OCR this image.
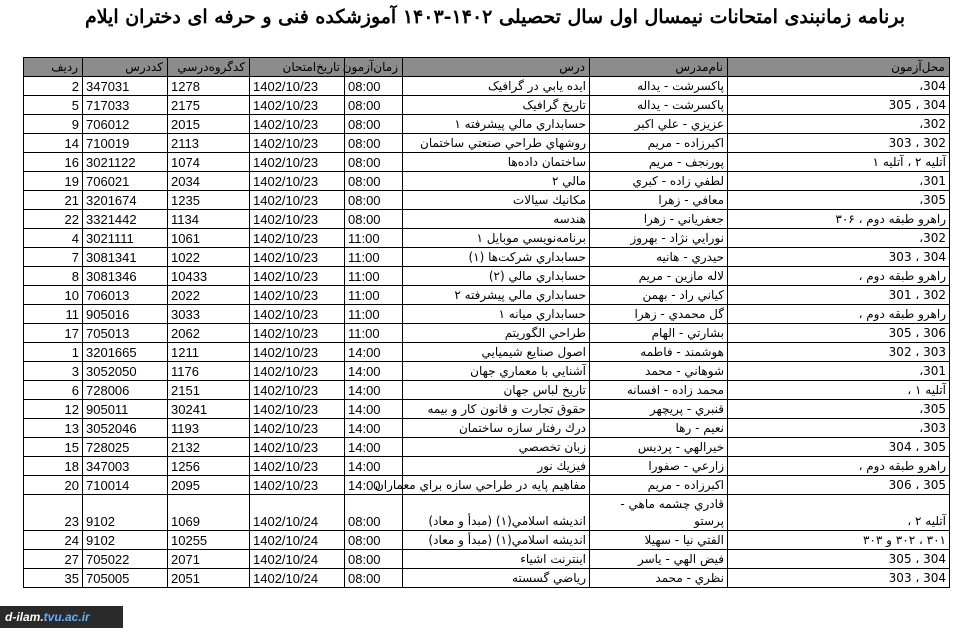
برنامه زمانبندی امتحانات نیمسال اول سال تحصیلی ۱۴۰۲-۱۴۰۳ آموزشکده فنی و حرفه ای دختران ایلام
رديف	كددرس	كدگروه‌درسي	تاريخ‌امتحان	زمان‌آزمون	درس	نام‌مدرس	محل‌آزمون
2	347031	1278	1402/10/23	08:00	ايده يابي در گرافيک	پاکسرشت - يداله	304،
5	717033	2175	1402/10/23	08:00	تاريخ گرافيک	پاکسرشت - يداله	304 ، 305
9	706012	2015	1402/10/23	08:00	حسابداري مالي پيشرفته ۱	عزيزي - علي اكبر	302،
14	710019	2113	1402/10/23	08:00	روشهاي طراحي صنعتي ساختمان	اكبرزاده - مريم	302 ، 303
16	3021122	1074	1402/10/23	08:00	ساختمان داده‌ها	پورنجف - مريم	آتليه ۲ ، آتليه ۱
19	706021	2034	1402/10/23	08:00	مالي ۲	لطفي زاده - كبري	301،
21	3201674	1235	1402/10/23	08:00	مكانيك سيالات	معافي - زهرا	305،
22	3321442	1134	1402/10/23	08:00	هندسه	جعفرياني - زهرا	راهرو طبقه دوم ، ۳۰۶
4	3021111	1061	1402/10/23	11:00	برنامه‌نويسي موبايل ۱	نورايي نژاد - بهروز	302،
7	3081341	1022	1402/10/23	11:00	حسابداري شركت‌ها (۱)	حيدري - هانيه	304 ، 303
8	3081346	10433	1402/10/23	11:00	حسابداري مالي (۲)	لاله مازين - مريم	راهرو طبقه دوم ،
10	706013	2022	1402/10/23	11:00	حسابداري مالي پيشرفته ۲	كياني راد - بهمن	302 ، 301
11	905016	3033	1402/10/23	11:00	حسابداري ميانه ۱	گل محمدي - زهرا	راهرو طبقه دوم ،
17	705013	2062	1402/10/23	11:00	طراحي الگوريتم	بشارتي - الهام	306 ، 305
1	3201665	1211	1402/10/23	14:00	اصول صنايع شيميايي	هوشمند - فاطمه	303 ، 302
3	3052050	1176	1402/10/23	14:00	آشنايي با معماري جهان	شوهاني - محمد	301،
6	728006	2151	1402/10/23	14:00	تاريخ لباس جهان	محمد زاده - افسانه	آتليه ۱ ،
12	905011	30241	1402/10/23	14:00	حقوق تجارت و قانون كار و بيمه	قنبري - پريچهر	305،
13	3052046	1193	1402/10/23	14:00	درك رفتار سازه ساختمان	نعيم - رها	303،
15	728025	2132	1402/10/23	14:00	زبان تخصصي	خيرالهي - پرديس	305 ، 304
18	347003	1256	1402/10/23	14:00	فيزيك نور	زارعي - صفورا	راهرو طبقه دوم ،
20	710014	2095	1402/10/23	14:00	مفاهيم پايه در طراحي سازه براي معماران	اكبرزاده - مريم	305 ، 306
23	9102	1069	1402/10/24	08:00	انديشه اسلامي(۱) (مبدأ و معاد)	قادري چشمه ماهي - پرستو	آتليه ۲ ،
24	9102	10255	1402/10/24	08:00	انديشه اسلامي(۱) (مبدأ و معاد)	الفتي نيا - سهيلا	۳۰۱ ، ۳۰۲ و ۳۰۳
27	705022	2071	1402/10/24	08:00	اينترنت اشياء	فيض الهي - ياسر	304 ، 305
35	705005	2051	1402/10/24	08:00	رياضي گسسته	نظري - محمد	304 ، 303
d-ilam.tvu.ac.ir
